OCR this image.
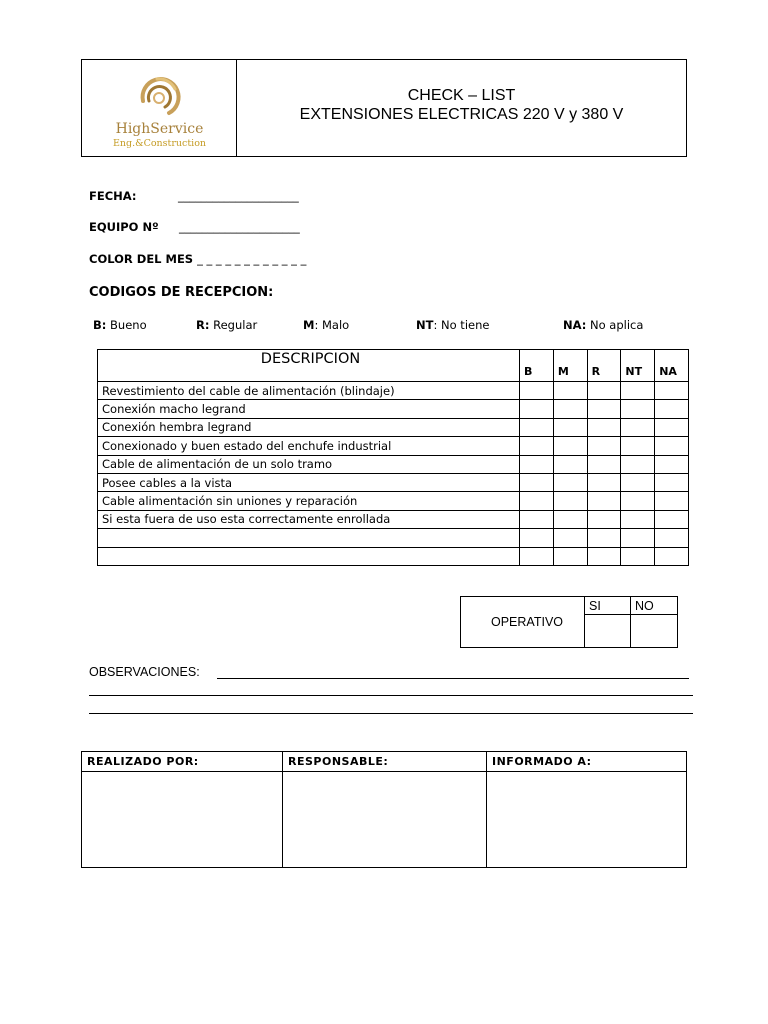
HighService
Eng.&Construction
CHECK – LIST
EXTENSIONES ELECTRICAS 220 V y 380 V
FECHA:	_____________________
EQUIPO Nº _____________________
COLOR DEL MES _ _ _ _ _ _ _ _ _ _ _ _
CODIGOS DE RECEPCION:
B: Bueno	R: Regular	M: Malo	NT: No tiene	NA: No aplica
DESCRIPCION	B	M	R	NT	NA
Revestimiento del cable de alimentación (blindaje)					
Conexión macho legrand					
Conexión hembra legrand					
Conexionado y buen estado del enchufe industrial					
Cable de alimentación de un solo tramo					
Posee cables a la vista					
Cable alimentación sin uniones y reparación					
Si esta fuera de uso esta correctamente enrollada					

OPERATIVO	SI	NO

OBSERVACIONES:
REALIZADO POR:	RESPONSABLE:	INFORMADO A:
